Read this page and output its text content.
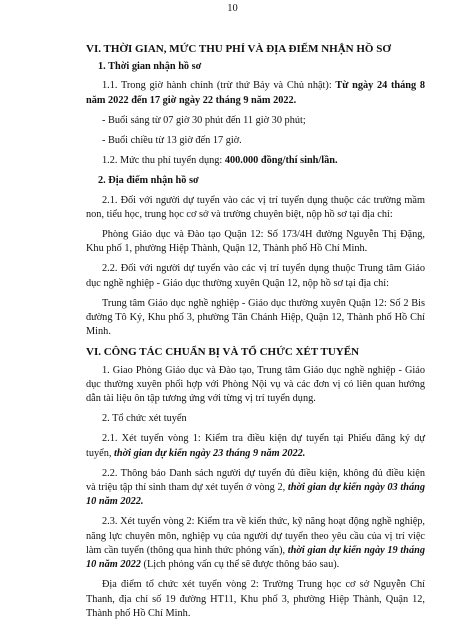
10

VI. THỜI GIAN, MỨC THU PHÍ VÀ ĐỊA ĐIỂM NHẬN HỒ SƠ

1. Thời gian nhận hồ sơ

1.1. Trong giờ hành chính (trừ thứ Bảy và Chủ nhật): Từ ngày 24 tháng 8 năm 2022 đến 17 giờ ngày 22 tháng 9 năm 2022.

- Buổi sáng từ 07 giờ 30 phút đến 11 giờ 30 phút;

- Buổi chiều từ 13 giờ đến 17 giờ.

1.2. Mức thu phí tuyển dụng: 400.000 đồng/thí sinh/lần.

2. Địa điểm nhận hồ sơ

2.1. Đối với người dự tuyển vào các vị trí tuyển dụng thuộc các trường mầm non, tiểu học, trung học cơ sở và trường chuyên biệt, nộp hồ sơ tại địa chỉ:

Phòng Giáo dục và Đào tạo Quận 12: Số 173/4H đường Nguyễn Thị Đặng, Khu phố 1, phường Hiệp Thành, Quận 12, Thành phố Hồ Chí Minh.

2.2. Đối với người dự tuyển vào các vị trí tuyển dụng thuộc Trung tâm Giáo dục nghề nghiệp - Giáo dục thường xuyên Quận 12, nộp hồ sơ tại địa chỉ:

Trung tâm Giáo dục nghề nghiệp - Giáo dục thường xuyên Quận 12: Số 2 Bis đường Tô Ký, Khu phố 3, phường Tân Chánh Hiệp, Quận 12, Thành phố Hồ Chí Minh.

VI. CÔNG TÁC CHUẨN BỊ VÀ TỔ CHỨC XÉT TUYỂN

1. Giao Phòng Giáo dục và Đào tạo, Trung tâm Giáo dục nghề nghiệp - Giáo dục thường xuyên phối hợp với Phòng Nội vụ và các đơn vị có liên quan hướng dẫn tài liệu ôn tập tương ứng với từng vị trí tuyển dụng.

2. Tổ chức xét tuyển

2.1. Xét tuyển vòng 1: Kiểm tra điều kiện dự tuyển tại Phiếu đăng ký dự tuyển, thời gian dự kiến ngày 23 tháng 9 năm 2022.

2.2. Thông báo Danh sách người dự tuyển đủ điều kiện, không đủ điều kiện và triệu tập thí sinh tham dự xét tuyển ở vòng 2, thời gian dự kiến ngày 03 tháng 10 năm 2022.

2.3. Xét tuyển vòng 2: Kiểm tra về kiến thức, kỹ năng hoạt động nghề nghiệp, năng lực chuyên môn, nghiệp vụ của người dự tuyển theo yêu cầu của vị trí việc làm cần tuyển (thông qua hình thức phỏng vấn), thời gian dự kiến ngày 19 tháng 10 năm 2022 (Lịch phỏng vấn cụ thể sẽ được thông báo sau).

Địa điểm tổ chức xét tuyển vòng 2: Trường Trung học cơ sở Nguyễn Chí Thanh, địa chỉ số 19 đường HT11, Khu phố 3, phường Hiệp Thành, Quận 12, Thành phố Hồ Chí Minh.
